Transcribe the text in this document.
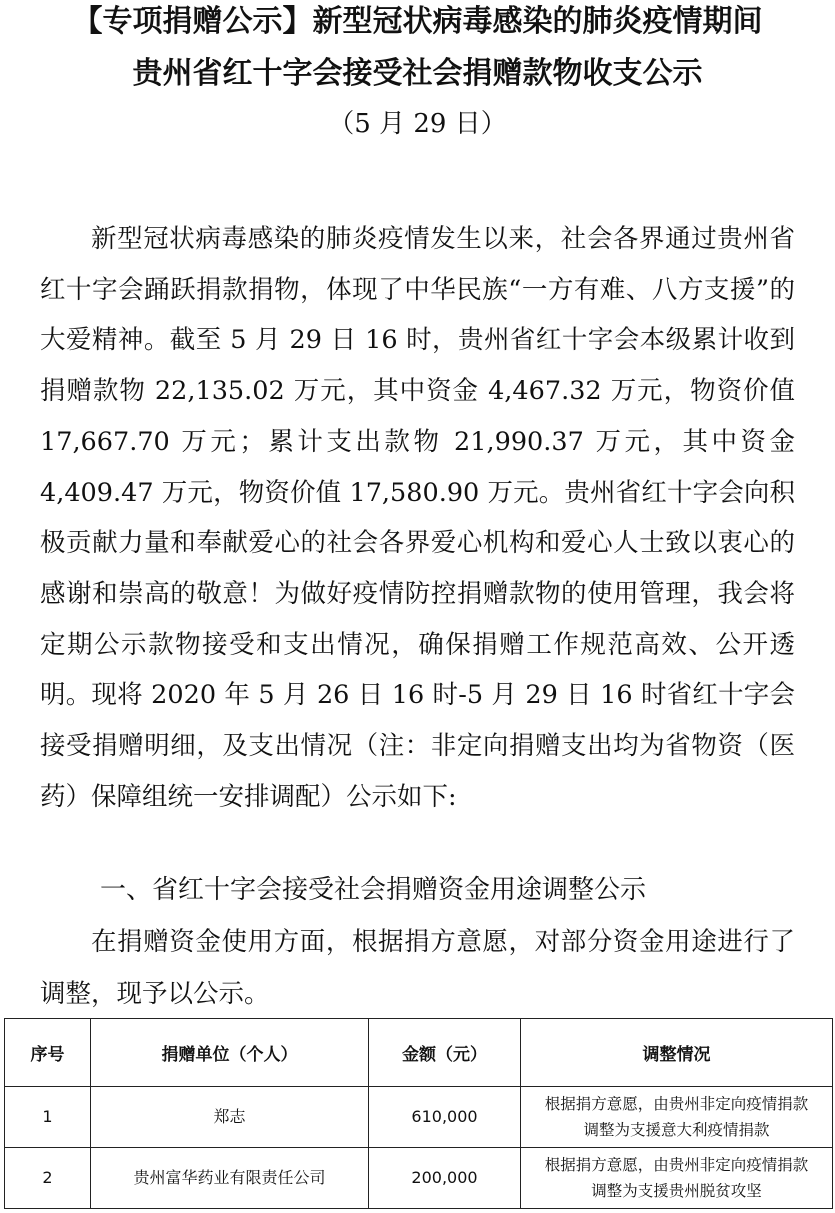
【专项捐赠公示】新型冠状病毒感染的肺炎疫情期间
贵州省红十字会接受社会捐赠款物收支公示
（5 月 29 日）

新型冠状病毒感染的肺炎疫情发生以来，社会各界通过贵州省红十字会踊跃捐款捐物，体现了中华民族“一方有难、八方支援”的大爱精神。截至 5 月 29 日 16 时，贵州省红十字会本级累计收到捐赠款物 22,135.02 万元，其中资金 4,467.32 万元，物资价值 17,667.70 万元；累计支出款物 21,990.37 万元，其中资金 4,409.47 万元，物资价值 17,580.90 万元。贵州省红十字会向积极贡献力量和奉献爱心的社会各界爱心机构和爱心人士致以衷心的感谢和崇高的敬意！为做好疫情防控捐赠款物的使用管理，我会将定期公示款物接受和支出情况，确保捐赠工作规范高效、公开透明。现将 2020 年 5 月 26 日 16 时-5 月 29 日 16 时省红十字会接受捐赠明细，及支出情况（注：非定向捐赠支出均为省物资（医药）保障组统一安排调配）公示如下:

一、省红十字会接受社会捐赠资金用途调整公示

在捐赠资金使用方面，根据捐方意愿，对部分资金用途进行了调整，现予以公示。

序号	捐赠单位（个人）	金额（元）	调整情况
1	郑志	610,000	根据捐方意愿，由贵州非定向疫情捐款
调整为支援意大利疫情捐款

2	贵州富华药业有限责任公司	200,000	根据捐方意愿，由贵州非定向疫情捐款
调整为支援贵州脱贫攻坚
